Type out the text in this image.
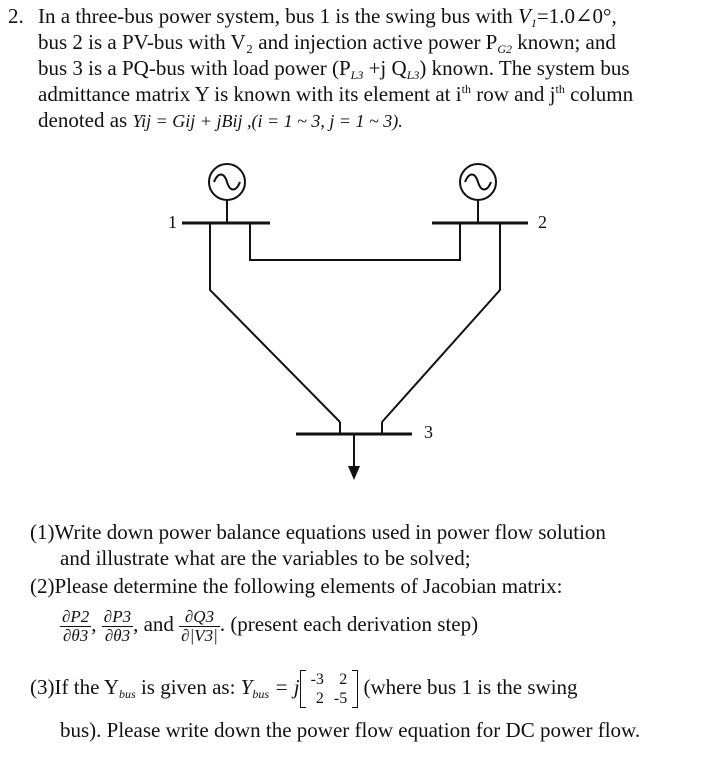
2. In a three-bus power system, bus 1 is the swing bus with $V_1=1.0\angle 0^\circ$,
bus 2 is a PV-bus with V₂ and injection active power $P_{G2}$ known; and
bus 3 is a PQ-bus with load power ($P_{L3} +j$ $Q_{L3}$) known. The system bus
admittance matrix Y is known with its element at $i^{th}$ row and $j^{th}$ column
denoted as Yij = Gij + jBij ,(i = 1 ~ 3, j = 1 ~ 3).
1	2
3
(1)Write down power balance equations used in power flow solution
and illustrate what are the variables to be solved;
(2)Please determine the following elements of Jacobian matrix:
$\frac{\partial P2}{\partial\theta 3}$ , $\frac{\partial P3}{\partial\theta 3}$ , and $\frac{\partial Q3}{\partial|V3|}$ . (present each derivation step)
(3)If the $Y_{bus}$ is given as: $Y_{bus} = j$ -3	2
2	-5 (where bus 1 is the swing
bus). Please write down the power flow equation for DC power flow.
